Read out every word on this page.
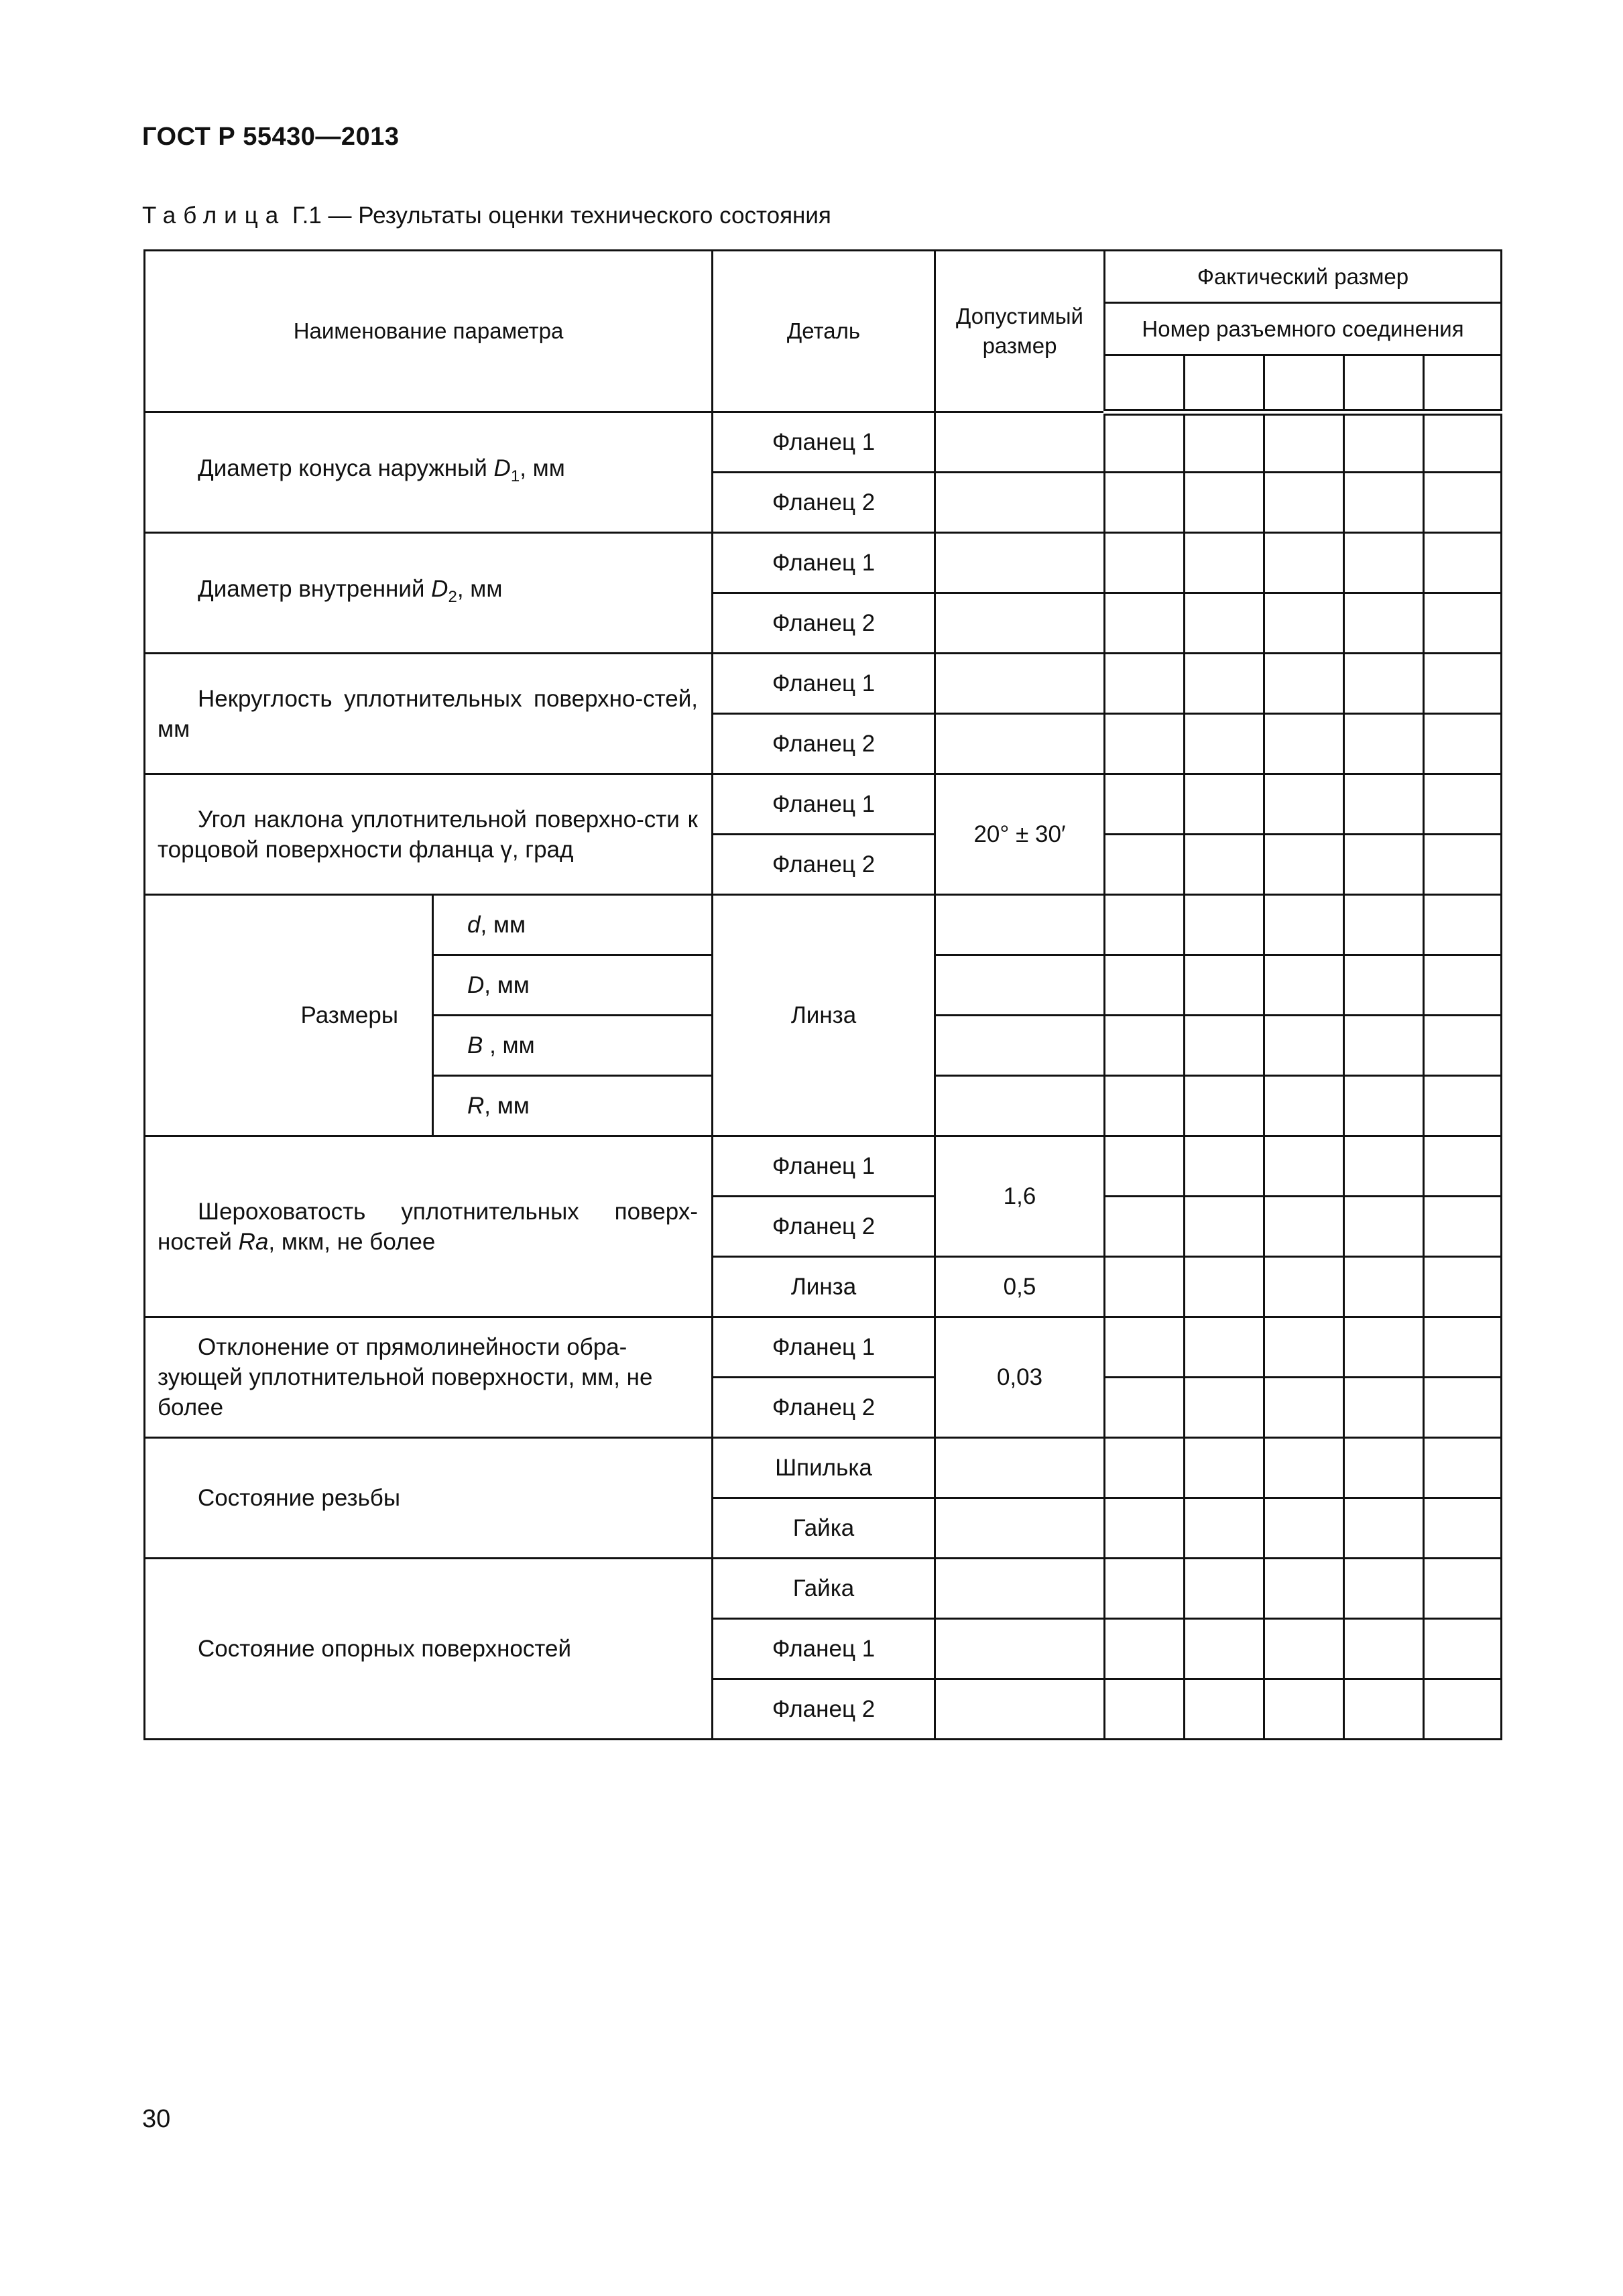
ГОСТ Р 55430—2013
Таблица Г.1 — Результаты оценки технического состояния
Наименование параметра		Деталь	Допустимый размер	Фактический размер				
				Номер разъемного соединения				

Диаметр конуса наружный $D_1$, мм		Фланец 1						
		Фланец 2						
Диаметр внутренний $D_2$, мм		Фланец 1						
		Фланец 2						
Некруглость уплотнительных поверхно-стей, мм		Фланец 1						
		Фланец 2						
Угол наклона уплотнительной поверхно-сти к торцовой поверхности фланца γ, град		Фланец 1	20° ± 30′					
		Фланец 2						
Размеры	d, мм	Линза						
	D, мм							
	B , мм							
	R, мм							
Шероховатость уплотнительных поверх-ностей Ra, мкм, не более		Фланец 1	1,6					
		Фланец 2						
		Линза	0,5					
Отклонение от прямолинейности обра-зующей уплотнительной поверхности, мм, не более		Фланец 1	0,03					
		Фланец 2						
Состояние резьбы		Шпилька						
		Гайка						
Состояние опорных поверхностей		Гайка						
		Фланец 1						
		Фланец 2						
30
